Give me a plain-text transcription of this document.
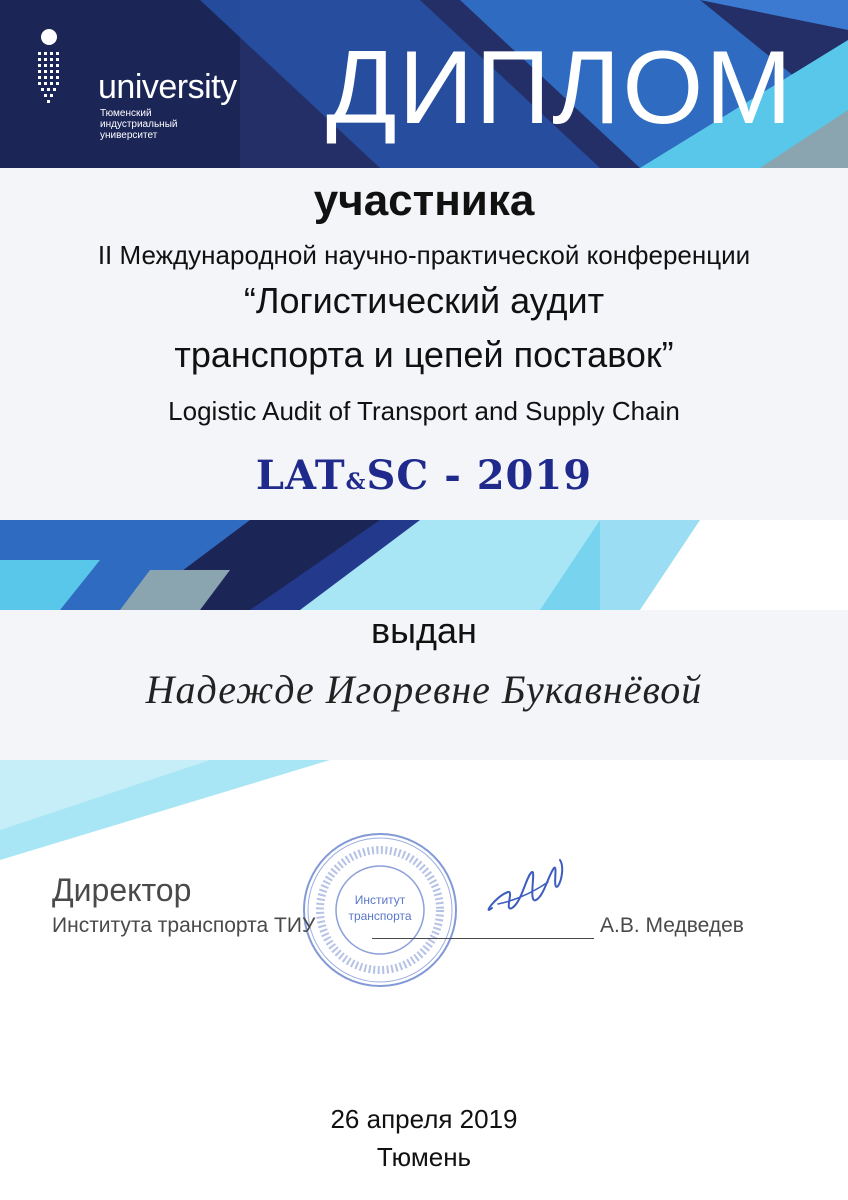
university
Тюменский
индустриальный
университет ДИПЛОМ
участника
II Международной научно-практической конференции
“Логистический аудит
транспорта и цепей поставок”
Logistic Audit of Transport and Supply Chain
LAT&SC - 2019
выдан
Надежде Игоревне Букавнёвой
Институт
транспорта
Директор
Института транспорта ТИУ	А.В. Медведев
26 апреля 2019
Тюмень
